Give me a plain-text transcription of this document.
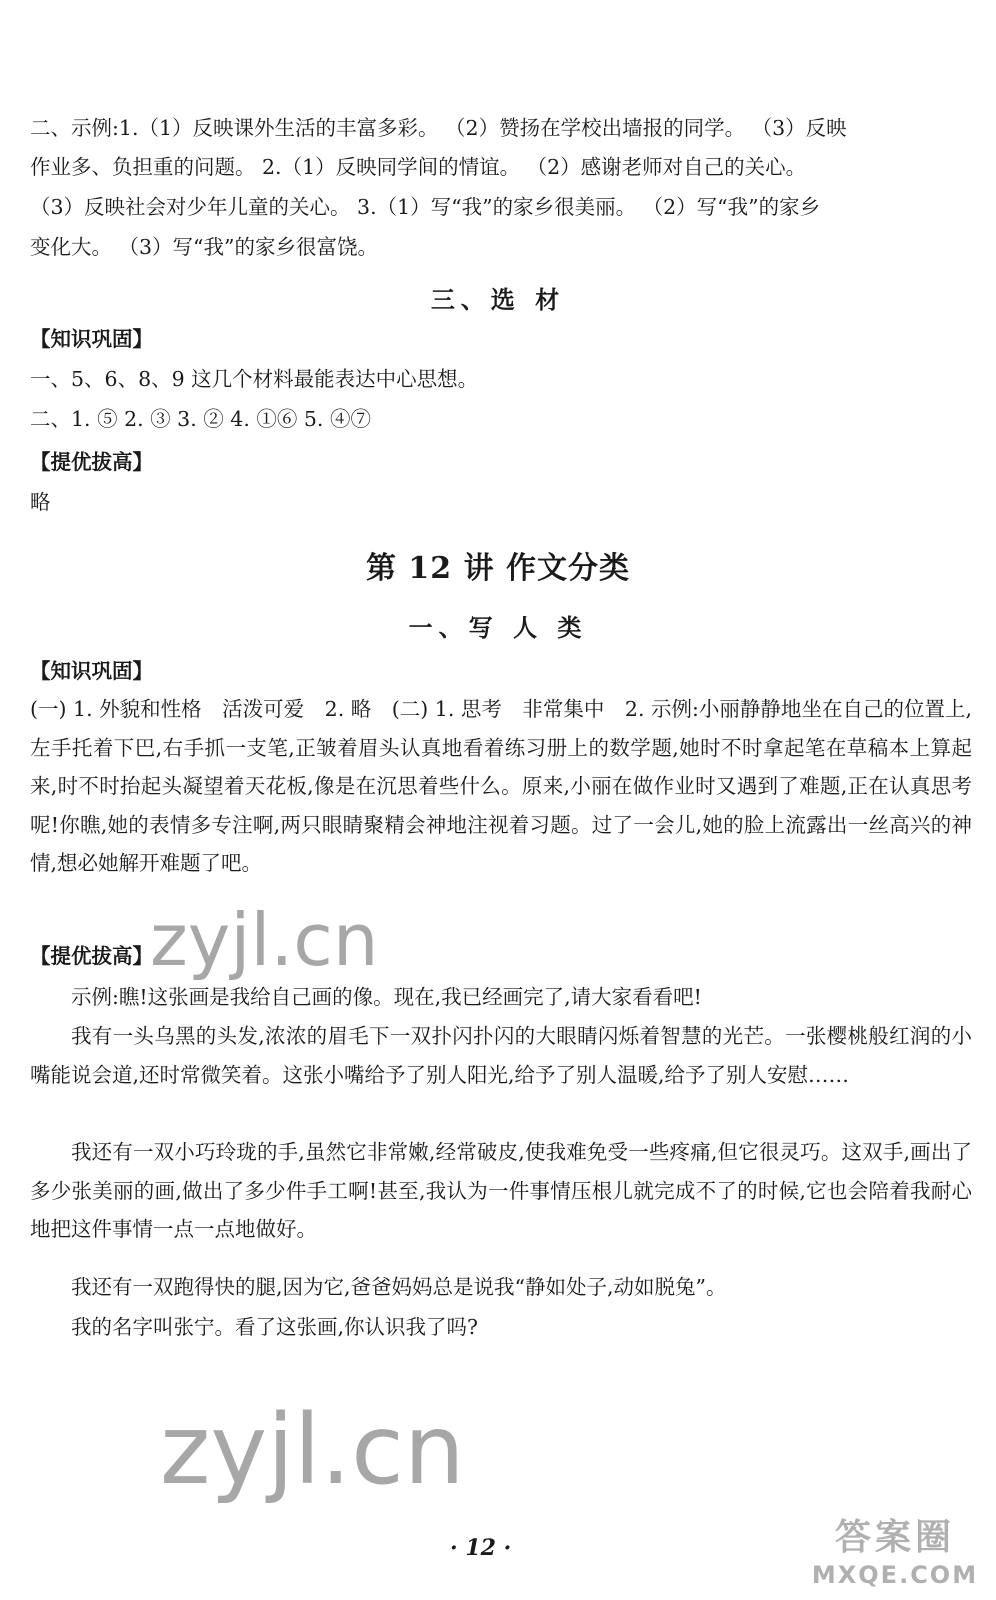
二、示例:1.（1）反映课外生活的丰富多彩。 （2）赞扬在学校出墙报的同学。 （3）反映
作业多、负担重的问题。 2.（1）反映同学间的情谊。 （2）感谢老师对自己的关心。
（3）反映社会对少年儿童的关心。 3.（1）写“我”的家乡很美丽。 （2）写“我”的家乡
变化大。 （3）写“我”的家乡很富饶。
三、选 材
【知识巩固】
一、5、6、8、9 这几个材料最能表达中心思想。
二、1. ⑤ 2. ③ 3. ② 4. ①⑥ 5. ④⑦
【提优拔高】
略
第 12 讲 作文分类
一、写 人 类
【知识巩固】
(一) 1. 外貌和性格　活泼可爱　2. 略　(二) 1. 思考　非常集中　2. 示例:小丽静静地坐在自己的位置上,左手托着下巴,右手抓一支笔,正皱着眉头认真地看着练习册上的数学题,她时不时拿起笔在草稿本上算起来,时不时抬起头凝望着天花板,像是在沉思着些什么。原来,小丽在做作业时又遇到了难题,正在认真思考呢!你瞧,她的表情多专注啊,两只眼睛聚精会神地注视着习题。过了一会儿,她的脸上流露出一丝高兴的神情,想必她解开难题了吧。
【提优拔高】
示例:瞧!这张画是我给自己画的像。现在,我已经画完了,请大家看看吧!
我有一头乌黑的头发,浓浓的眉毛下一双扑闪扑闪的大眼睛闪烁着智慧的光芒。一张樱桃般红润的小嘴能说会道,还时常微笑着。这张小嘴给予了别人阳光,给予了别人温暖,给予了别人安慰……
我还有一双小巧玲珑的手,虽然它非常嫩,经常破皮,使我难免受一些疼痛,但它很灵巧。这双手,画出了多少张美丽的画,做出了多少件手工啊!甚至,我认为一件事情压根儿就完成不了的时候,它也会陪着我耐心地把这件事情一点一点地做好。
我还有一双跑得快的腿,因为它,爸爸妈妈总是说我“静如处子,动如脱兔”。
我的名字叫张宁。看了这张画,你认识我了吗?
· 12 ·
zyjl.cn
zyjl.cn
答案圈
MXQE.COM
